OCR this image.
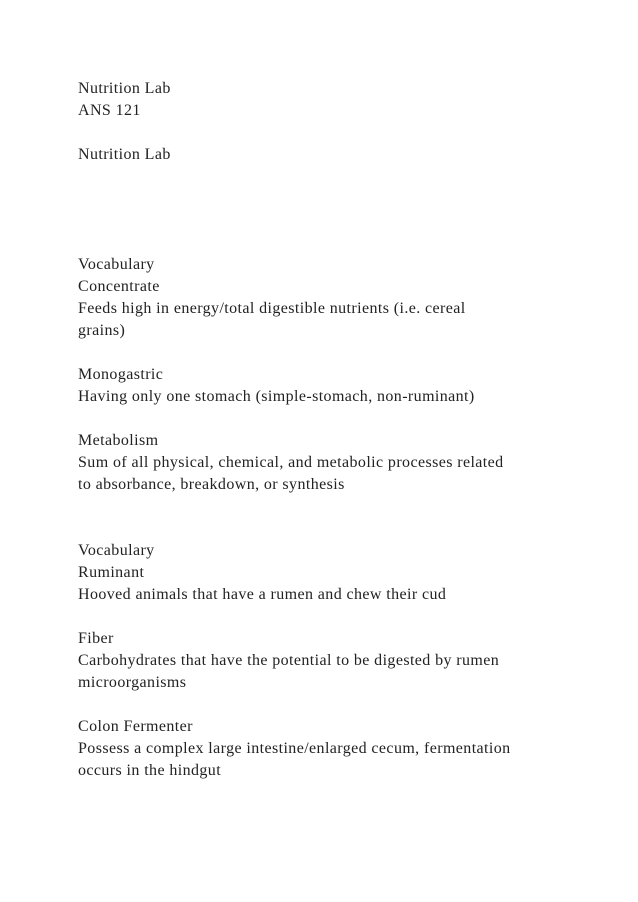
Nutrition Lab
ANS 121
Nutrition Lab
Vocabulary
Concentrate
Feeds high in energy/total digestible nutrients (i.e. cereal
grains)
Monogastric
Having only one stomach (simple-stomach, non-ruminant)
Metabolism
Sum of all physical, chemical, and metabolic processes related
to absorbance, breakdown, or synthesis
Vocabulary
Ruminant
Hooved animals that have a rumen and chew their cud
Fiber
Carbohydrates that have the potential to be digested by rumen
microorganisms
Colon Fermenter
Possess a complex large intestine/enlarged cecum, fermentation
occurs in the hindgut
